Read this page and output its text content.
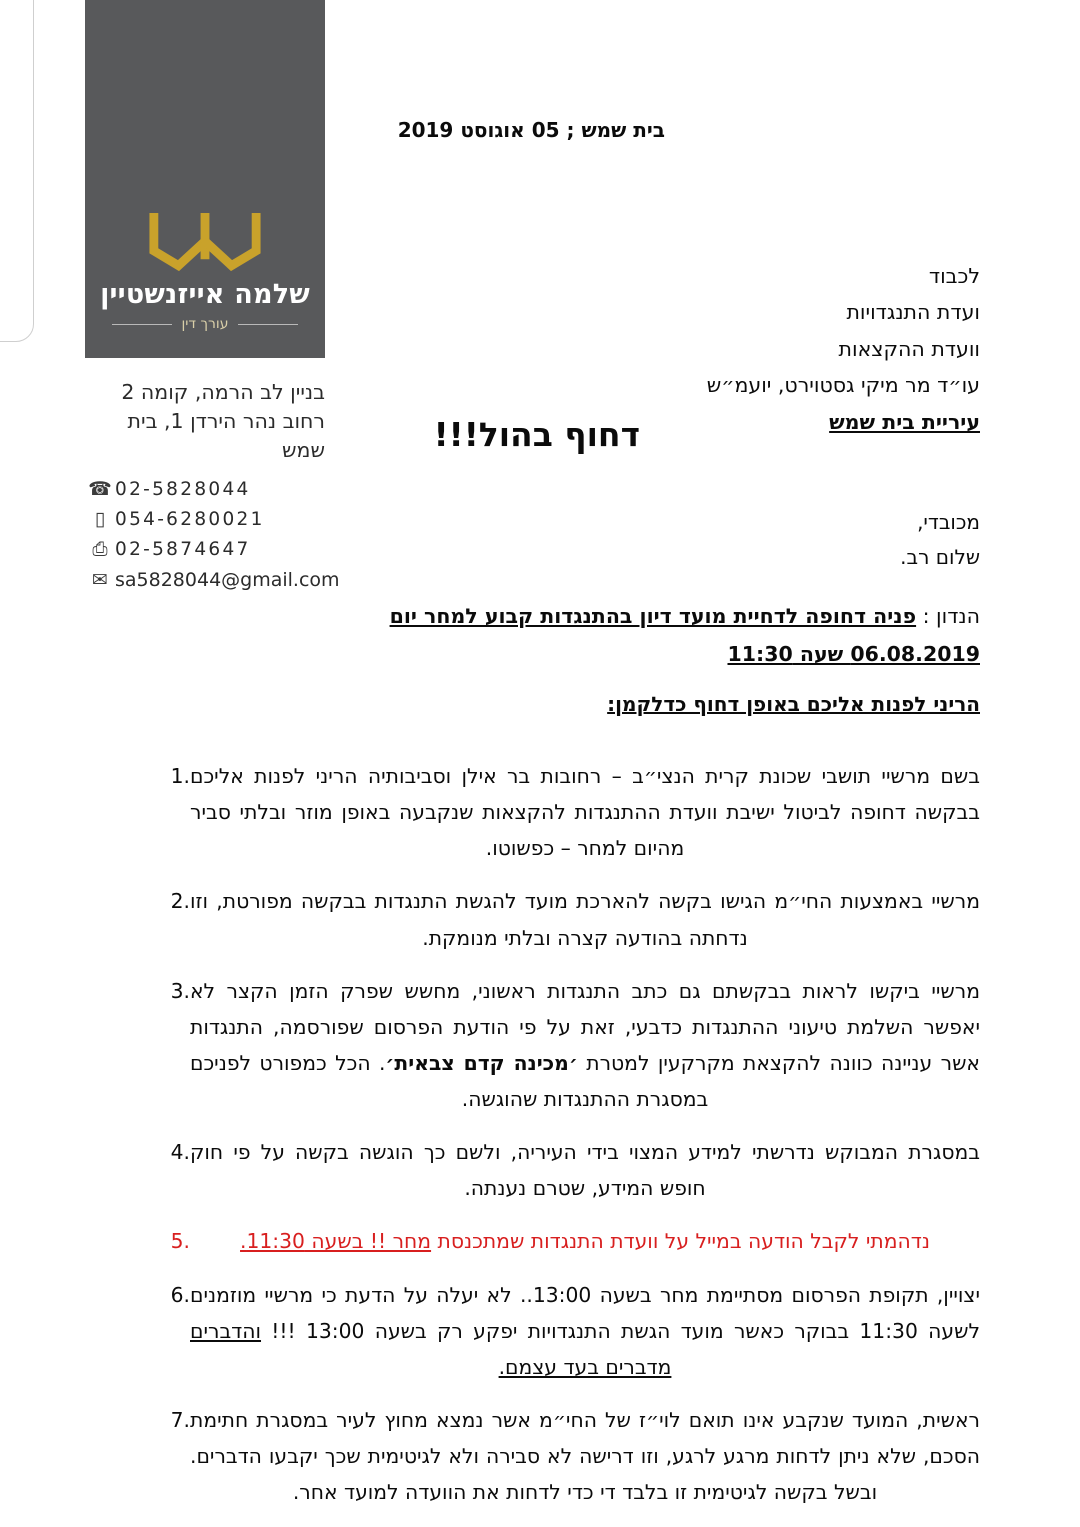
שלמה אייזנשטיין
עורך דין
בניין לב הרמה, קומה 2
רחוב נהר הירדן 1, בית שמש
☎ 02-5828044
▯ 054-6280021
⎙ 02-5874647
✉ sa5828044@gmail.com
בית שמש ; 05 אוגוסט 2019
לכבוד
ועדת התנגדויות
וועדת ההקצאות
עו״ד מר מיקי גסטוירט, יועמ״ש
עיריית בית שמש
דחוף בהול!!!
מכובדי,
שלום רב.
הנדון : פניה דחופה לדחיית מועד דיון בהתנגדות קבוע למחר יום 06.08.2019 שעה 11:30
הריני לפנות אליכם באופן דחוף כדלקמן:
1. בשם מרשיי תושבי שכונת קרית הנצי״ב – רחובות בר אילן וסביבותיה הריני לפנות אליכם בבקשה דחופה לביטול ישיבת וועדת ההתנגדות להקצאות שנקבעה באופן מוזר ובלתי סביר מהיום למחר – כפשוטו.
2. מרשיי באמצעות החי״מ הגישו בקשה להארכת מועד להגשת התנגדות בבקשה מפורטת, וזו נדחתה בהודעה קצרה ובלתי מנומקת.
3. מרשיי ביקשו לראות בבקשתם גם כתב התנגדות ראשוני, מחשש שפרק הזמן הקצר לא יאפשר השלמת טיעוני ההתנגדות כדבעי, זאת על פי הודעת הפרסום שפורסמה, התנגדות אשר עניינה כוונה להקצאת מקרקעין למטרת ׳מכינה קדם צבאית׳. הכל כמפורט לפניכם במסגרת ההתנגדות שהוגשה.
4. במסגרת המבוקש נדרשתי למידע המצוי בידי העיריה, ולשם כך הוגשה בקשה על פי חוק חופש המידע, שטרם נענתה.
5.	נדהמתי לקבל הודעה במייל על וועדת התנגדות שמתכנסת מחר !! בשעה 11:30.
6. יצויין, תקופת הפרסום מסתיימת מחר בשעה 13:00.. לא יעלה על הדעת כי מרשיי מוזמנים לשעה 11:30 בבוקר כאשר מועד הגשת התנגדויות יפקע רק בשעה 13:00 !!! והדברים מדברים בעד עצמם.
7. ראשית, המועד שנקבע אינו תואם לוי״ז של החי״מ אשר נמצא מחוץ לעיר במסגרת חתימת הסכם, שלא ניתן לדחות מרגע לרגע, וזו דרישה לא סבירה ולא לגיטימית שכך יקבעו הדברים. ובשל בקשה לגיטימית זו בלבד די כדי לדחות את הוועדה למועד אחר.
